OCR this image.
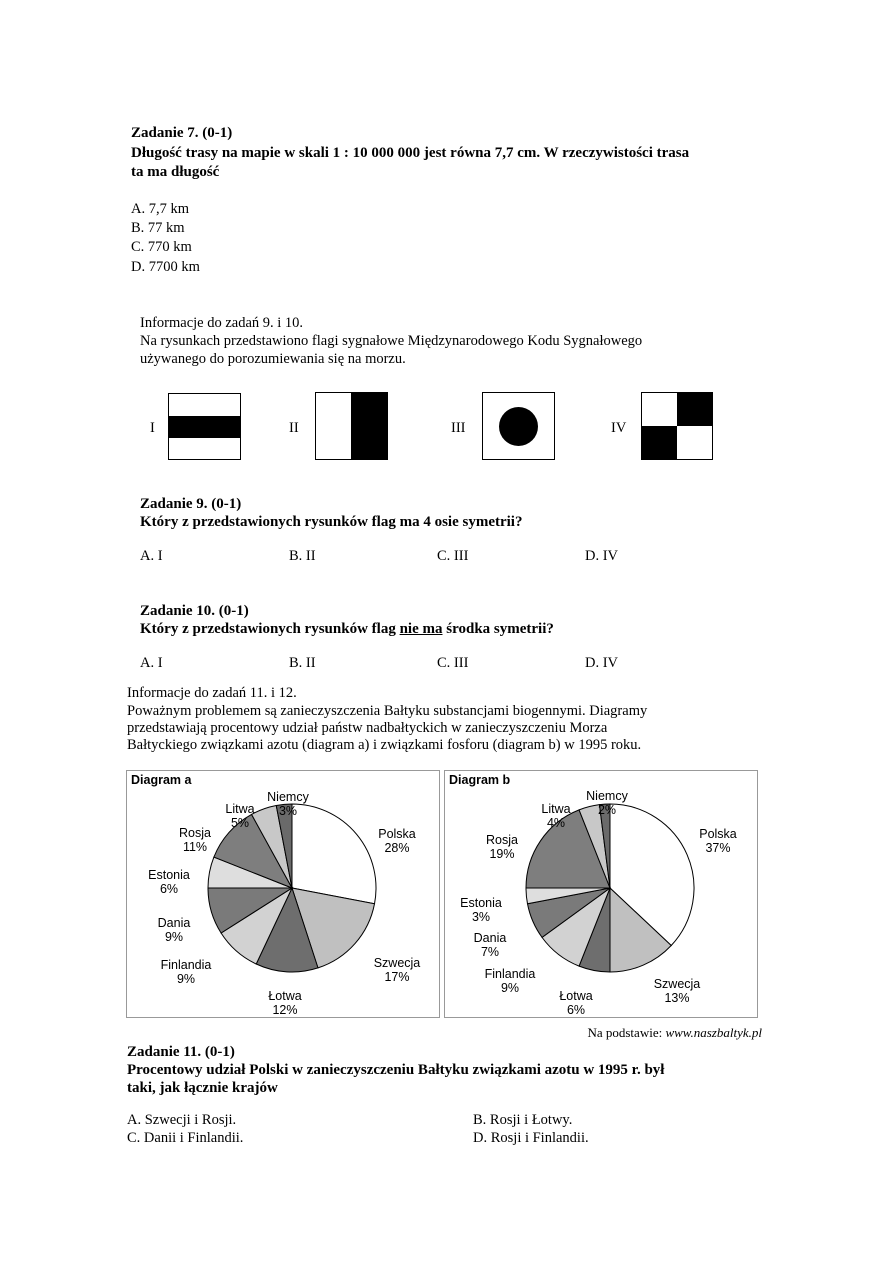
Zadanie 7. (0-1)
Długość trasy na mapie w skali 1 : 10 000 000 jest równa 7,7 cm. W rzeczywistości trasa
ta ma długość
A. 7,7 km
B. 77 km
C. 770 km
D. 7700 km
Informacje do zadań 9. i 10.
Na rysunkach przedstawiono flagi sygnałowe Międzynarodowego Kodu Sygnałowego
używanego do porozumiewania się na morzu.
I	II	III	IV
Zadanie 9. (0-1)
Który z przedstawionych rysunków flag ma 4 osie symetrii?
A. I	B. II	C. III	D. IV
Zadanie 10. (0-1)
Który z przedstawionych rysunków flag nie ma środka symetrii?
A. I	B. II	C. III	D. IV
Informacje do zadań 11. i 12.
Poważnym problemem są zanieczyszczenia Bałtyku substancjami biogennymi. Diagramy
przedstawiają procentowy udział państw nadbałtyckich w zanieczyszczeniu Morza
Bałtyckiego związkami azotu (diagram a) i związkami fosforu (diagram b) w 1995 roku.
Diagram a
Polska
28%
Szwecja
17%
Łotwa
12%
Finlandia
9%
Dania
9%
Estonia
6%
Rosja
11%
Litwa
5%
Niemcy
3%
Diagram b
Polska
37%
Szwecja
13%
Łotwa
6%
Finlandia
9%
Dania
7%
Estonia
3%
Rosja
19%
Litwa
4%
Niemcy
2%
Na podstawie: www.naszbaltyk.pl
Zadanie 11. (0-1)
Procentowy udział Polski w zanieczyszczeniu Bałtyku związkami azotu w 1995 r. był
taki, jak łącznie krajów
A. Szwecji i Rosji.	B. Rosji i Łotwy.
C. Danii i Finlandii.	D. Rosji i Finlandii.
